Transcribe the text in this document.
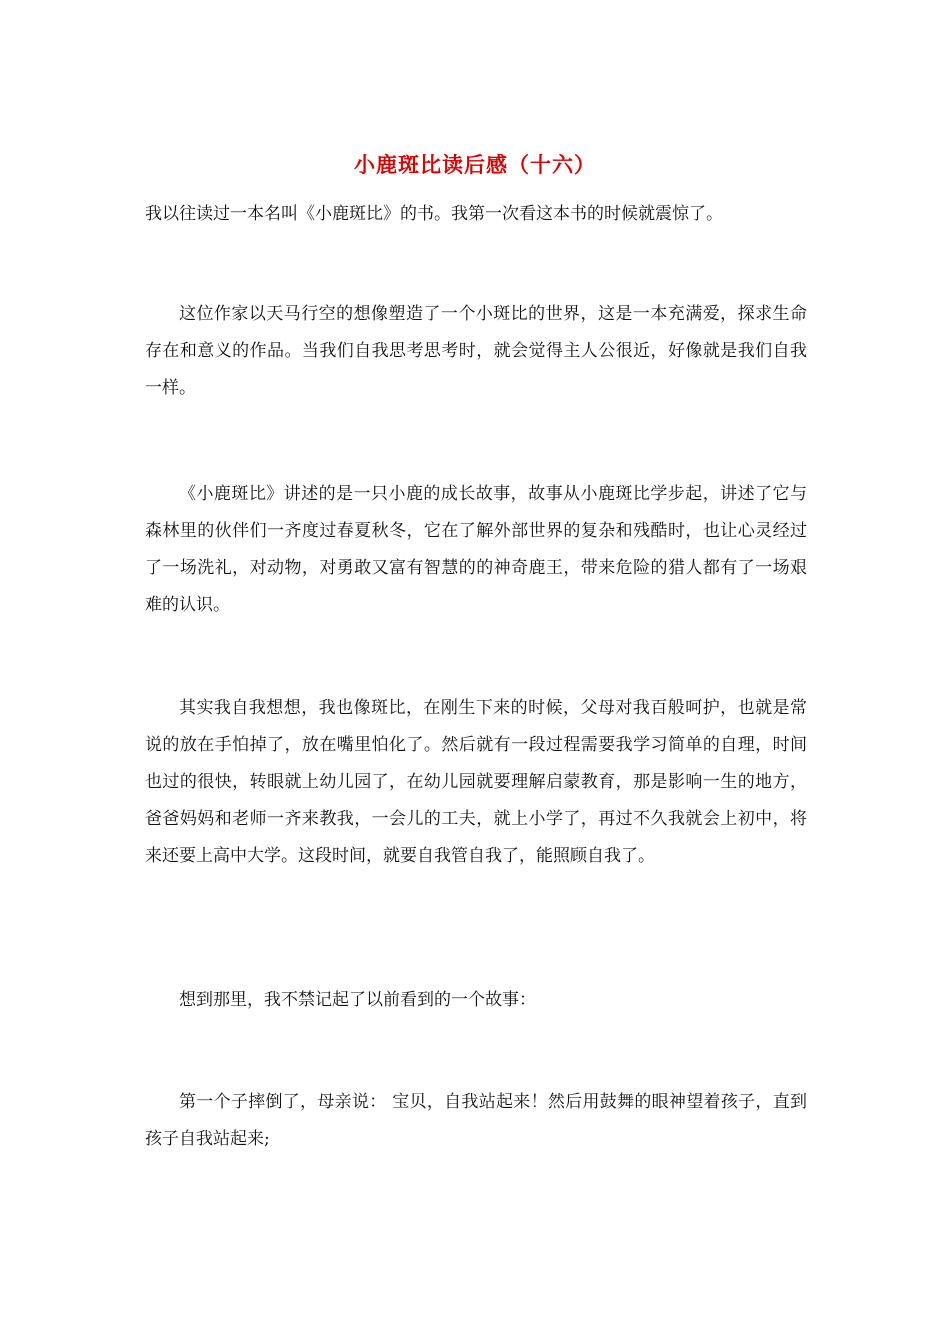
小鹿斑比读后感（十六）

我以往读过一本名叫《小鹿斑比》的书。我第一次看这本书的时候就震惊了。

这位作家以天马行空的想像塑造了一个小斑比的世界，这是一本充满爱，探求生命存在和意义的作品。当我们自我思考思考时，就会觉得主人公很近，好像就是我们自我一样。

《小鹿斑比》讲述的是一只小鹿的成长故事，故事从小鹿斑比学步起，讲述了它与森林里的伙伴们一齐度过春夏秋冬，它在了解外部世界的复杂和残酷时，也让心灵经过了一场洗礼，对动物，对勇敢又富有智慧的的神奇鹿王，带来危险的猎人都有了一场艰难的认识。

其实我自我想想，我也像斑比，在刚生下来的时候，父母对我百般呵护，也就是常说的放在手怕掉了，放在嘴里怕化了。然后就有一段过程需要我学习简单的自理，时间也过的很快，转眼就上幼儿园了，在幼儿园就要理解启蒙教育，那是影响一生的地方，爸爸妈妈和老师一齐来教我，一会儿的工夫，就上小学了，再过不久我就会上初中，将来还要上高中大学。这段时间，就要自我管自我了，能照顾自我了。

想到那里，我不禁记起了以前看到的一个故事：

第一个子摔倒了，母亲说： 宝贝，自我站起来！然后用鼓舞的眼神望着孩子，直到孩子自我站起来;
